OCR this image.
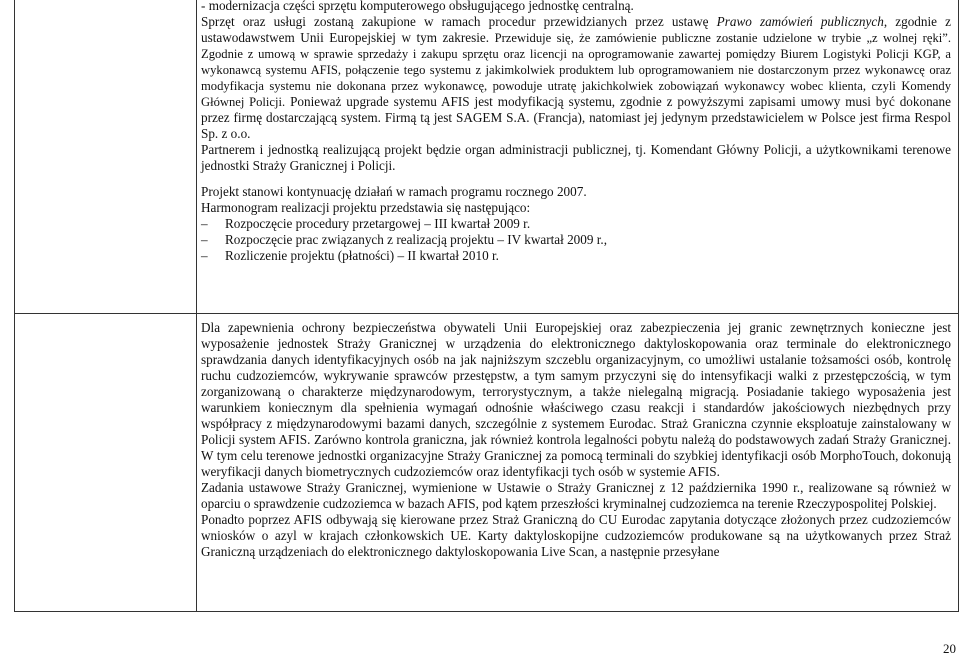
- modernizacja części sprzętu komputerowego obsługującego jednostkę centralną.

Sprzęt oraz usługi zostaną zakupione w ramach procedur przewidzianych przez ustawę Prawo zamówień publicznych, zgodnie z ustawodawstwem Unii Europejskiej w tym zakresie. Przewiduje się, że zamówienie publiczne zostanie udzielone w trybie „z wolnej ręki”. Zgodnie z umową w sprawie sprzedaży i zakupu sprzętu oraz licencji na oprogramowanie zawartej pomiędzy Biurem Logistyki Policji KGP, a wykonawcą systemu AFIS, połączenie tego systemu z jakimkolwiek produktem lub oprogramowaniem nie dostarczonym przez wykonawcę oraz modyfikacja systemu nie dokonana przez wykonawcę, powoduje utratę jakichkolwiek zobowiązań wykonawcy wobec klienta, czyli Komendy Głównej Policji. Ponieważ upgrade systemu AFIS jest modyfikacją systemu, zgodnie z powyższymi zapisami umowy musi być dokonane przez firmę dostarczającą system. Firmą tą jest SAGEM S.A. (Francja), natomiast jej jedynym przedstawicielem w Polsce jest firma Respol Sp. z o.o.

Partnerem i jednostką realizującą projekt będzie organ administracji publicznej, tj. Komendant Główny Policji, a użytkownikami terenowe jednostki Straży Granicznej i Policji.

Projekt stanowi kontynuację działań w ramach programu rocznego 2007.

Harmonogram realizacji projektu przedstawia się następująco:

– Rozpoczęcie procedury przetargowej – III kwartał 2009 r.

– Rozpoczęcie prac związanych z realizacją projektu – IV kwartał 2009 r.,

– Rozliczenie projektu (płatności) – II kwartał 2010 r.

Dla zapewnienia ochrony bezpieczeństwa obywateli Unii Europejskiej oraz zabezpieczenia jej granic zewnętrznych konieczne jest wyposażenie jednostek Straży Granicznej w urządzenia do elektronicznego daktyloskopowania oraz terminale do elektronicznego sprawdzania danych identyfikacyjnych osób na jak najniższym szczeblu organizacyjnym, co umożliwi ustalanie tożsamości osób, kontrolę ruchu cudzoziemców, wykrywanie sprawców przestępstw, a tym samym przyczyni się do intensyfikacji walki z przestępczością, w tym zorganizowaną o charakterze międzynarodowym, terrorystycznym, a także nielegalną migracją. Posiadanie takiego wyposażenia jest warunkiem koniecznym dla spełnienia wymagań odnośnie właściwego czasu reakcji i standardów jakościowych niezbędnych przy współpracy z międzynarodowymi bazami danych, szczególnie z systemem Eurodac. Straż Graniczna czynnie eksploatuje zainstalowany w Policji system AFIS. Zarówno kontrola graniczna, jak również kontrola legalności pobytu należą do podstawowych zadań Straży Granicznej. W tym celu terenowe jednostki organizacyjne Straży Granicznej za pomocą terminali do szybkiej identyfikacji osób MorphoTouch, dokonują weryfikacji danych biometrycznych cudzoziemców oraz identyfikacji tych osób w systemie AFIS.

Zadania ustawowe Straży Granicznej, wymienione w Ustawie o Straży Granicznej z 12 października 1990 r., realizowane są również w oparciu o sprawdzenie cudzoziemca w bazach AFIS, pod kątem przeszłości kryminalnej cudzoziemca na terenie Rzeczypospolitej Polskiej.

Ponadto poprzez AFIS odbywają się kierowane przez Straż Graniczną do CU Eurodac zapytania dotyczące złożonych przez cudzoziemców wniosków o azyl w krajach członkowskich UE. Karty daktyloskopijne cudzoziemców produkowane są na użytkowanych przez Straż Graniczną urządzeniach do elektronicznego daktyloskopowania Live Scan, a następnie przesyłane

20
